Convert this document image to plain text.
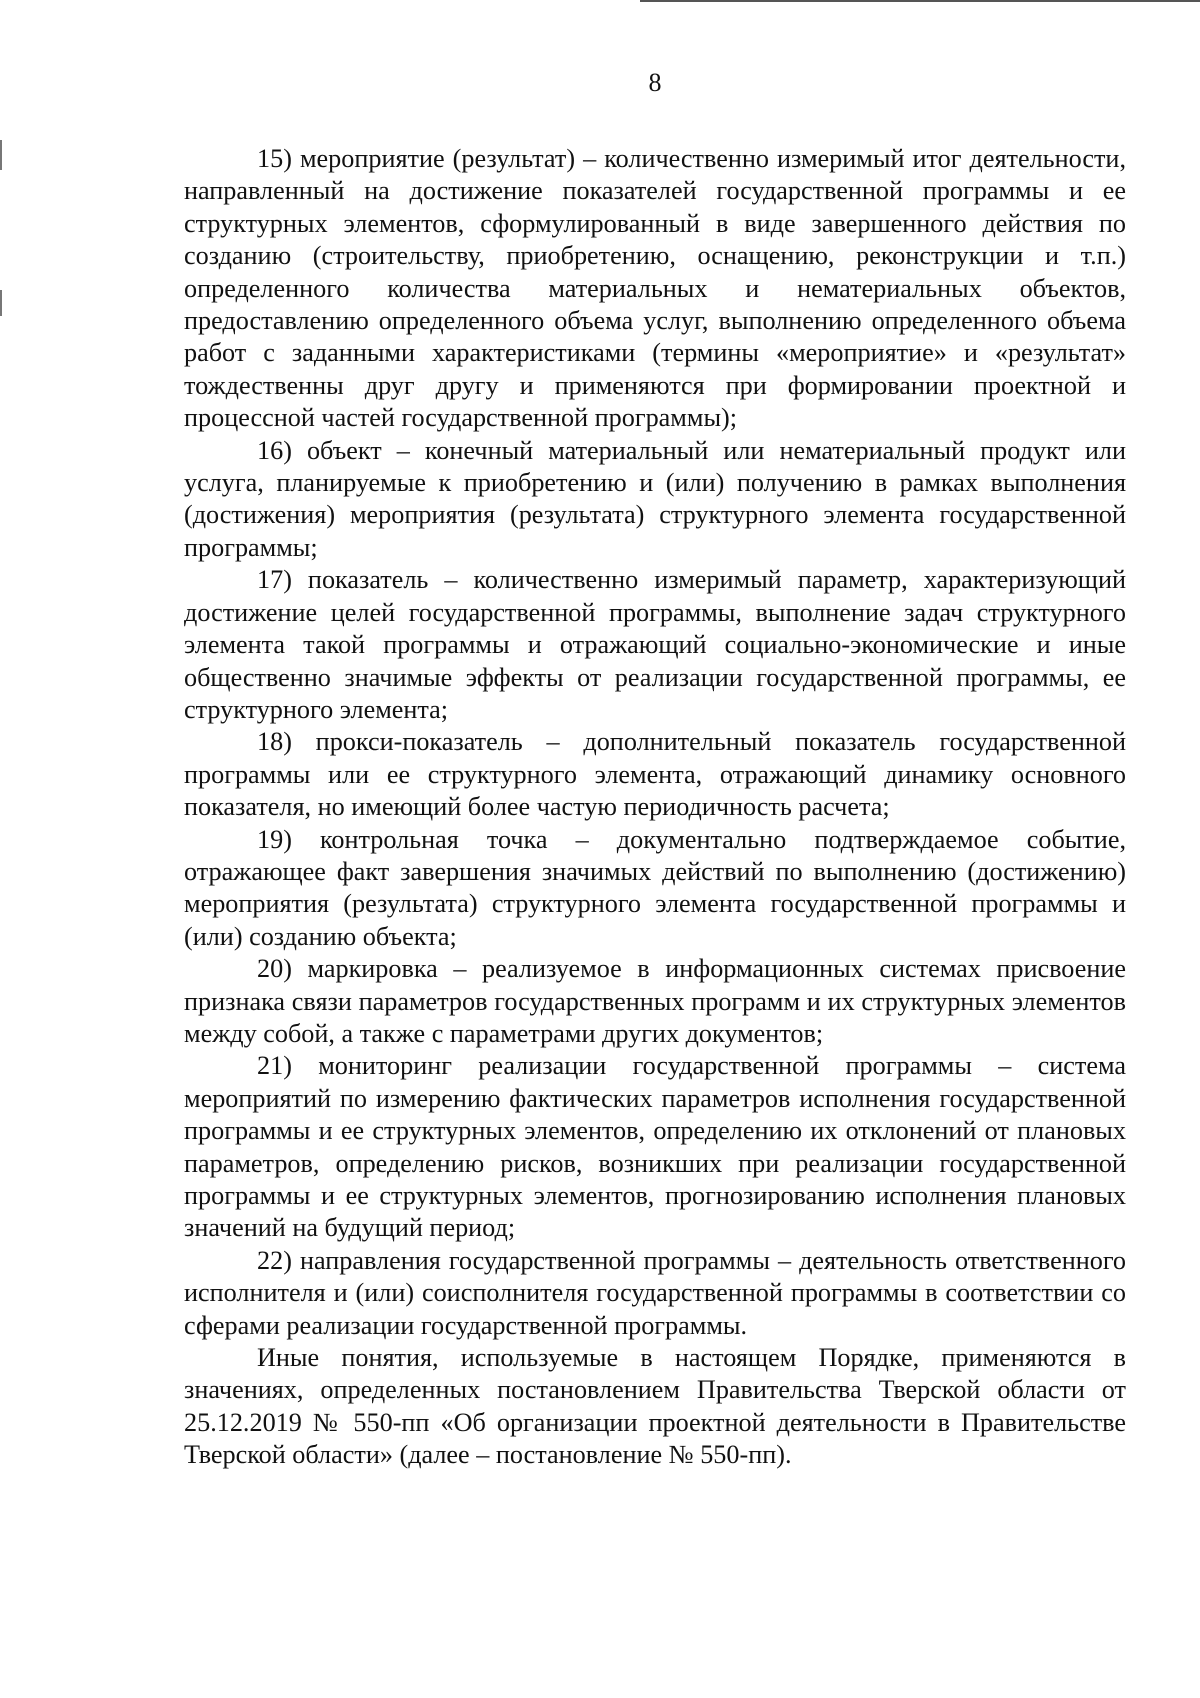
8

15) мероприятие (результат) – количественно измеримый итог деятельности, направленный на достижение показателей государственной программы и ее структурных элементов, сформулированный в виде завершенного действия по созданию (строительству, приобретению, оснащению, реконструкции и т.п.) определенного количества материальных и нематериальных объектов, предоставлению определенного объема услуг, выполнению определенного объема работ с заданными характеристиками (термины «мероприятие» и «результат» тождественны друг другу и применяются при формировании проектной и процессной частей государственной программы);

16) объект – конечный материальный или нематериальный продукт или услуга, планируемые к приобретению и (или) получению в рамках выполнения (достижения) мероприятия (результата) структурного элемента государственной программы;

17) показатель – количественно измеримый параметр, характеризующий достижение целей государственной программы, выполнение задач структурного элемента такой программы и отражающий социально-экономические и иные общественно значимые эффекты от реализации государственной программы, ее структурного элемента;

18) прокси-показатель – дополнительный показатель государственной программы или ее структурного элемента, отражающий динамику основного показателя, но имеющий более частую периодичность расчета;

19) контрольная точка – документально подтверждаемое событие, отражающее факт завершения значимых действий по выполнению (достижению) мероприятия (результата) структурного элемента государственной программы и (или) созданию объекта;

20) маркировка – реализуемое в информационных системах присвоение признака связи параметров государственных программ и их структурных элементов между собой, а также с параметрами других документов;

21) мониторинг реализации государственной программы – система мероприятий по измерению фактических параметров исполнения государственной программы и ее структурных элементов, определению их отклонений от плановых параметров, определению рисков, возникших при реализации государственной программы и ее структурных элементов, прогнозированию исполнения плановых значений на будущий период;

22) направления государственной программы – деятельность ответственного исполнителя и (или) соисполнителя государственной программы в соответствии со сферами реализации государственной программы.

Иные понятия, используемые в настоящем Порядке, применяются в значениях, определенных постановлением Правительства Тверской области от 25.12.2019 № 550-пп «Об организации проектной деятельности в Правительстве Тверской области» (далее – постановление № 550-пп).
